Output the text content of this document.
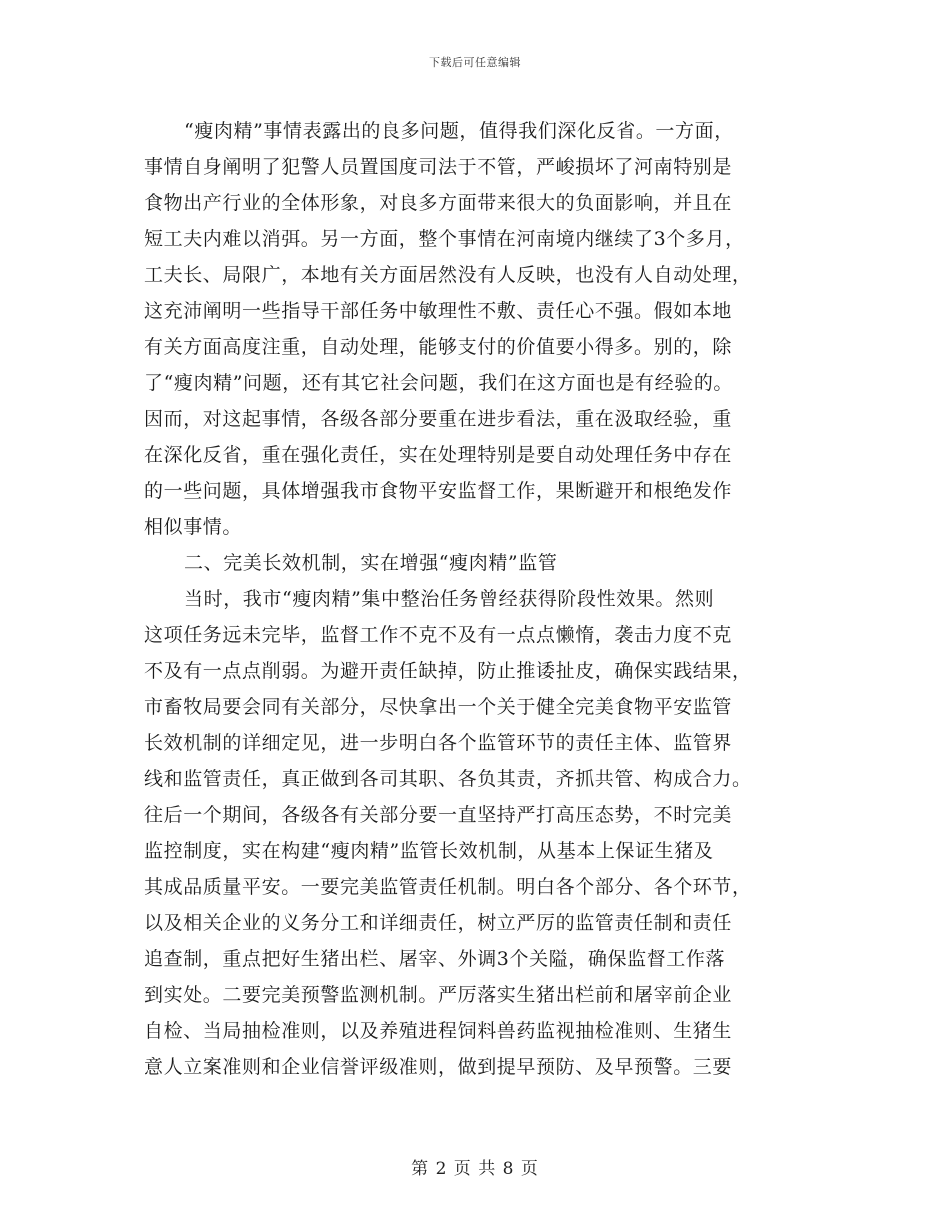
下载后可任意编辑
“瘦肉精”事情表露出的良多问题，值得我们深化反省。一方面，
事情自身阐明了犯警人员置国度司法于不管，严峻损坏了河南特别是
食物出产行业的全体形象，对良多方面带来很大的负面影响，并且在
短工夫内难以消弭。另一方面，整个事情在河南境内继续了3个多月，
工夫长、局限广，本地有关方面居然没有人反映，也没有人自动处理，
这充沛阐明一些指导干部任务中敏理性不敷、责任心不强。假如本地
有关方面高度注重，自动处理，能够支付的价值要小得多。别的，除
了“瘦肉精”问题，还有其它社会问题，我们在这方面也是有经验的。
因而，对这起事情，各级各部分要重在进步看法，重在汲取经验，重
在深化反省，重在强化责任，实在处理特别是要自动处理任务中存在
的一些问题，具体增强我市食物平安监督工作，果断避开和根绝发作
相似事情。
二、完美长效机制，实在增强“瘦肉精”监管
当时，我市“瘦肉精”集中整治任务曾经获得阶段性效果。然则
这项任务远未完毕，监督工作不克不及有一点点懒惰，袭击力度不克
不及有一点点削弱。为避开责任缺掉，防止推诿扯皮，确保实践结果，
市畜牧局要会同有关部分，尽快拿出一个关于健全完美食物平安监管
长效机制的详细定见，进一步明白各个监管环节的责任主体、监管界
线和监管责任，真正做到各司其职、各负其责，齐抓共管、构成合力。
往后一个期间，各级各有关部分要一直坚持严打高压态势，不时完美
监控制度，实在构建“瘦肉精”监管长效机制，从基本上保证生猪及
其成品质量平安。一要完美监管责任机制。明白各个部分、各个环节，
以及相关企业的义务分工和详细责任，树立严厉的监管责任制和责任
追查制，重点把好生猪出栏、屠宰、外调3个关隘，确保监督工作落
到实处。二要完美预警监测机制。严厉落实生猪出栏前和屠宰前企业
自检、当局抽检准则，以及养殖进程饲料兽药监视抽检准则、生猪生
意人立案准则和企业信誉评级准则，做到提早预防、及早预警。三要
第 2 页 共 8 页
